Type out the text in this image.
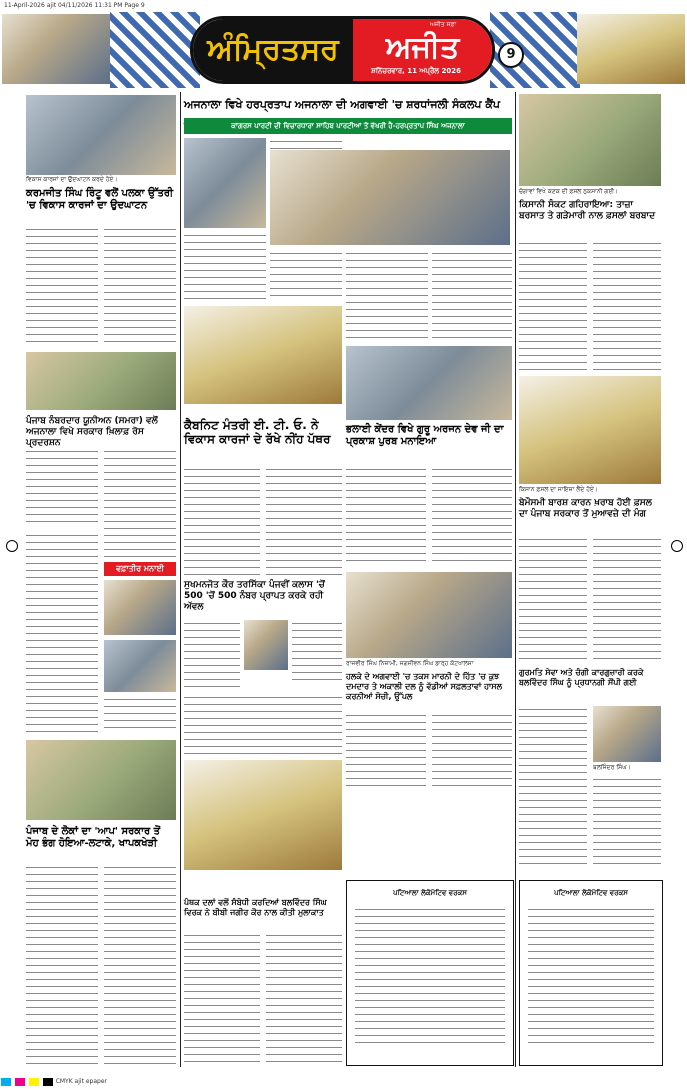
11-April-2026 ajit 04/11/2026 11:31 PM Page 9
ਅੰਮ੍ਰਿਤਸਰ	ਅਜੀਤ
ਅਜੀਤ ਸਫ਼ਾ
ਸ਼ਨਿੱਚਰਵਾਰ, 11 ਅਪ੍ਰੈਲ 2026
9
ਵਿਕਾਸ ਕਾਰਜਾਂ ਦਾ ਉਦਘਾਟਨ ਕਰਦੇ ਹੋਏ।
ਕਰਮਜੀਤ ਸਿੰਘ ਰਿੰਟੂ ਵਲੋਂ ਪਲਕਾ ਉੱਤਰੀ 'ਚ ਵਿਕਾਸ ਕਾਰਜਾਂ ਦਾ ਉਦਘਾਟਨ
ਪੰਜਾਬ ਨੰਬਰਦਾਰ ਯੂਨੀਅਨ (ਸਮਰਾ) ਵਲੋਂ ਅਜਨਾਲਾ ਵਿਖੇ ਸਰਕਾਰ ਖ਼ਿਲਾਫ਼ ਰੋਸ ਪ੍ਰਦਰਸ਼ਨ
ਵਫ਼ਾਤੀਰ ਮਨਾਈ
ਪੰਜਾਬ ਦੇ ਲੋਕਾਂ ਦਾ 'ਆਪ' ਸਰਕਾਰ ਤੋਂ ਮੋਹ ਭੰਗ ਹੋਇਆ-ਲਟਾਕੇ, ਖਾਪਕਖੇੜੀ
ਅਜਨਾਲਾ ਵਿਖੇ ਹਰਪ੍ਰਤਾਪ ਅਜਨਾਲਾ ਦੀ ਅਗਵਾਈ 'ਚ ਸ਼ਰਧਾਂਜਲੀ ਸੰਕਲਪ ਕੈਂਪ
ਕਾਂਗਰਸ ਪਾਰਟੀ ਦੀ ਵਿਚਾਰਧਾਰਾ ਸਾਹਿਬ ਪਾਰਟੀਆਂ ਤੋਂ ਵੱਖਰੀ ਹੈ-ਹਰਪ੍ਰਤਾਪ ਸਿੰਘ ਅਜਨਾਲਾ
ਕੈਬਨਿਟ ਮੰਤਰੀ ਈ. ਟੀ. ਓ. ਨੇ ਵਿਕਾਸ ਕਾਰਜਾਂ ਦੇ ਰੱਖੇ ਨੀਂਹ ਪੱਥਰ
ਭਲਾਈ ਕੇਂਦਰ ਵਿਖੇ ਗੁਰੂ ਅਰਜਨ ਦੇਵ ਜੀ ਦਾ ਪ੍ਰਕਾਸ਼ ਪੁਰਬ ਮਨਾਇਆ
ਸੁਖਮਨਜੋਤ ਕੌਰ ਤਰਸਿੱਕਾ ਪੰਜਵੀਂ ਕਲਾਸ 'ਚੋਂ 500 'ਚੋਂ 500 ਨੰਬਰ ਪ੍ਰਾਪਤ ਕਰਕੇ ਰਹੀ ਅੱਵਲ
ਰਾਜਵੀਰ ਸਿੰਘ ਨਿਜ਼ਾਮੀ, ਜਗਜੀਵਨ ਸਿੰਘ ਡਾਰ੍ਹ ਕੋਟਖਾਲਸਾ
ਹਲਕੇ ਦੇ ਅਗਵਾਈ 'ਚ ਤਕਸ ਮਾਰਨੀ ਦੇ ਹਿੱਤ 'ਚ ਕੁਝ ਦਮਦਾਰ ਤੇ ਅਕਾਲੀ ਦਲ ਨੂੰ ਵੱਡੀਆਂ ਸਫ਼ਲਤਾਵਾਂ ਹਾਸਲ ਕਰਨੀਆਂ ਸੋਚੀ, ਉੱਪਲ
ਪੰਥਕ ਦਲਾਂ ਵਲੋਂ ਸੰਬੋਧੀ ਕਰਦਿਆਂ ਬਲਵਿੰਦਰ ਸਿੰਘ ਵਿਰਕ ਨੇ ਬੀਬੀ ਜਗੀਰ ਕੌਰ ਨਾਲ ਕੀਤੀ ਮੁਲਾਕਾਤ
ਪਟਿਆਲਾ ਲੋਕੋਮੋਟਿਵ ਵਰਕਸ
ਚੋਗਾਵਾਂ ਵਿਖੇ ਕਣਕ ਦੀ ਫ਼ਸਲ ਨੁਕਸਾਨੀ ਗਈ।
ਕਿਸਾਨੀ ਸੰਕਟ ਗਹਿਰਾਇਆ: ਤਾਜ਼ਾ ਬਰਸਾਤ ਤੇ ਗੜੇਮਾਰੀ ਨਾਲ ਫ਼ਸਲਾਂ ਬਰਬਾਦ
ਕਿਸਾਨ ਫ਼ਸਲ ਦਾ ਜਾਇਜ਼ਾ ਲੈਂਦੇ ਹੋਏ।
ਬੇਮੌਸਮੀ ਬਾਰਸ਼ ਕਾਰਨ ਖ਼ਰਾਬ ਹੋਈ ਫ਼ਸਲ ਦਾ ਪੰਜਾਬ ਸਰਕਾਰ ਤੋਂ ਮੁਆਵਜ਼ੇ ਦੀ ਮੰਗ
ਗੁਰਮਤਿ ਸੇਵਾ ਅਤੇ ਚੰਗੀ ਕਾਰਗੁਜ਼ਾਰੀ ਕਰਕੇ ਬਲਵਿੰਦਰ ਸਿੰਘ ਨੂੰ ਪ੍ਰਧਾਨਗੀ ਸੌਂਪੀ ਗਈ
ਬਲਜਿੰਦਰ ਸਿੰਘ।
ਪਟਿਆਲਾ ਲੋਕੋਮੋਟਿਵ ਵਰਕਸ
CMYK ajit epaper
